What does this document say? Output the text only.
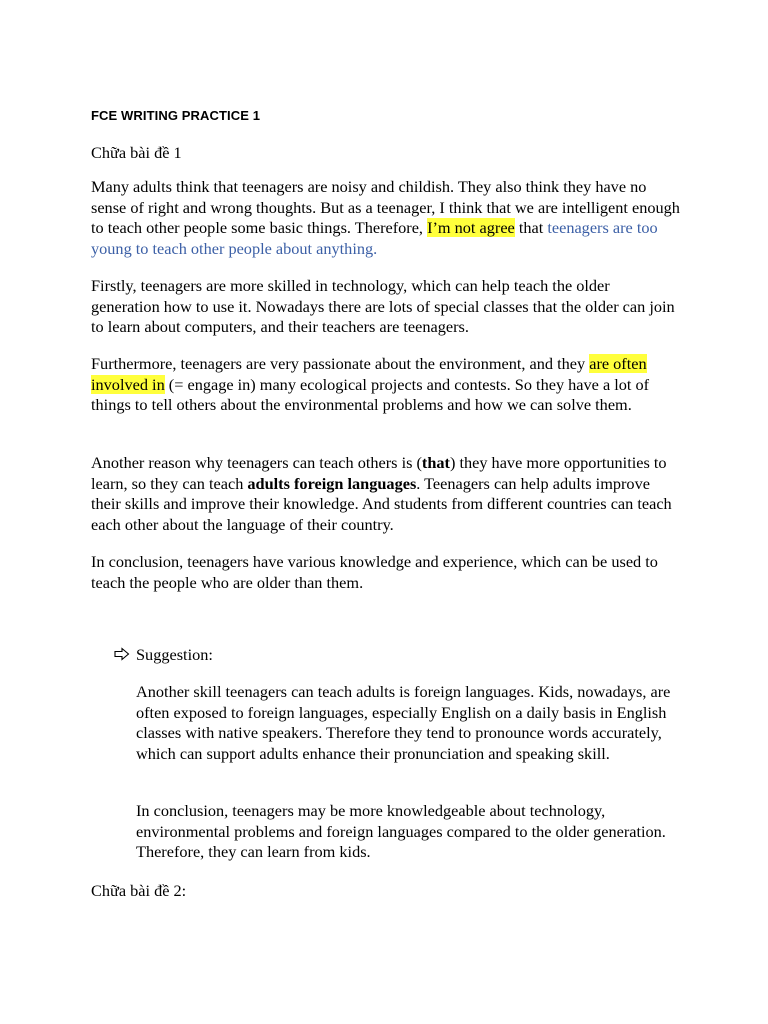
FCE WRITING PRACTICE 1

Chữa bài đề 1

Many adults think that teenagers are noisy and childish. They also think they have no sense of right and wrong thoughts. But as a teenager, I think that we are intelligent enough to teach other people some basic things. Therefore, I’m not agree that teenagers are too young to teach other people about anything.

Firstly, teenagers are more skilled in technology, which can help teach the older generation how to use it. Nowadays there are lots of special classes that the older can join to learn about computers, and their teachers are teenagers.

Furthermore, teenagers are very passionate about the environment, and they are often involved in (= engage in) many ecological projects and contests. So they have a lot of things to tell others about the environmental problems and how we can solve them.

Another reason why teenagers can teach others is (that) they have more opportunities to learn, so they can teach adults foreign languages. Teenagers can help adults improve their skills and improve their knowledge. And students from different countries can teach each other about the language of their country.

In conclusion, teenagers have various knowledge and experience, which can be used to teach the people who are older than them.

Suggestion:

Another skill teenagers can teach adults is foreign languages. Kids, nowadays, are often exposed to foreign languages, especially English on a daily basis in English classes with native speakers. Therefore they tend to pronounce words accurately, which can support adults enhance their pronunciation and speaking skill.

In conclusion, teenagers may be more knowledgeable about technology, environmental problems and foreign languages compared to the older generation. Therefore, they can learn from kids.

Chữa bài đề 2:
